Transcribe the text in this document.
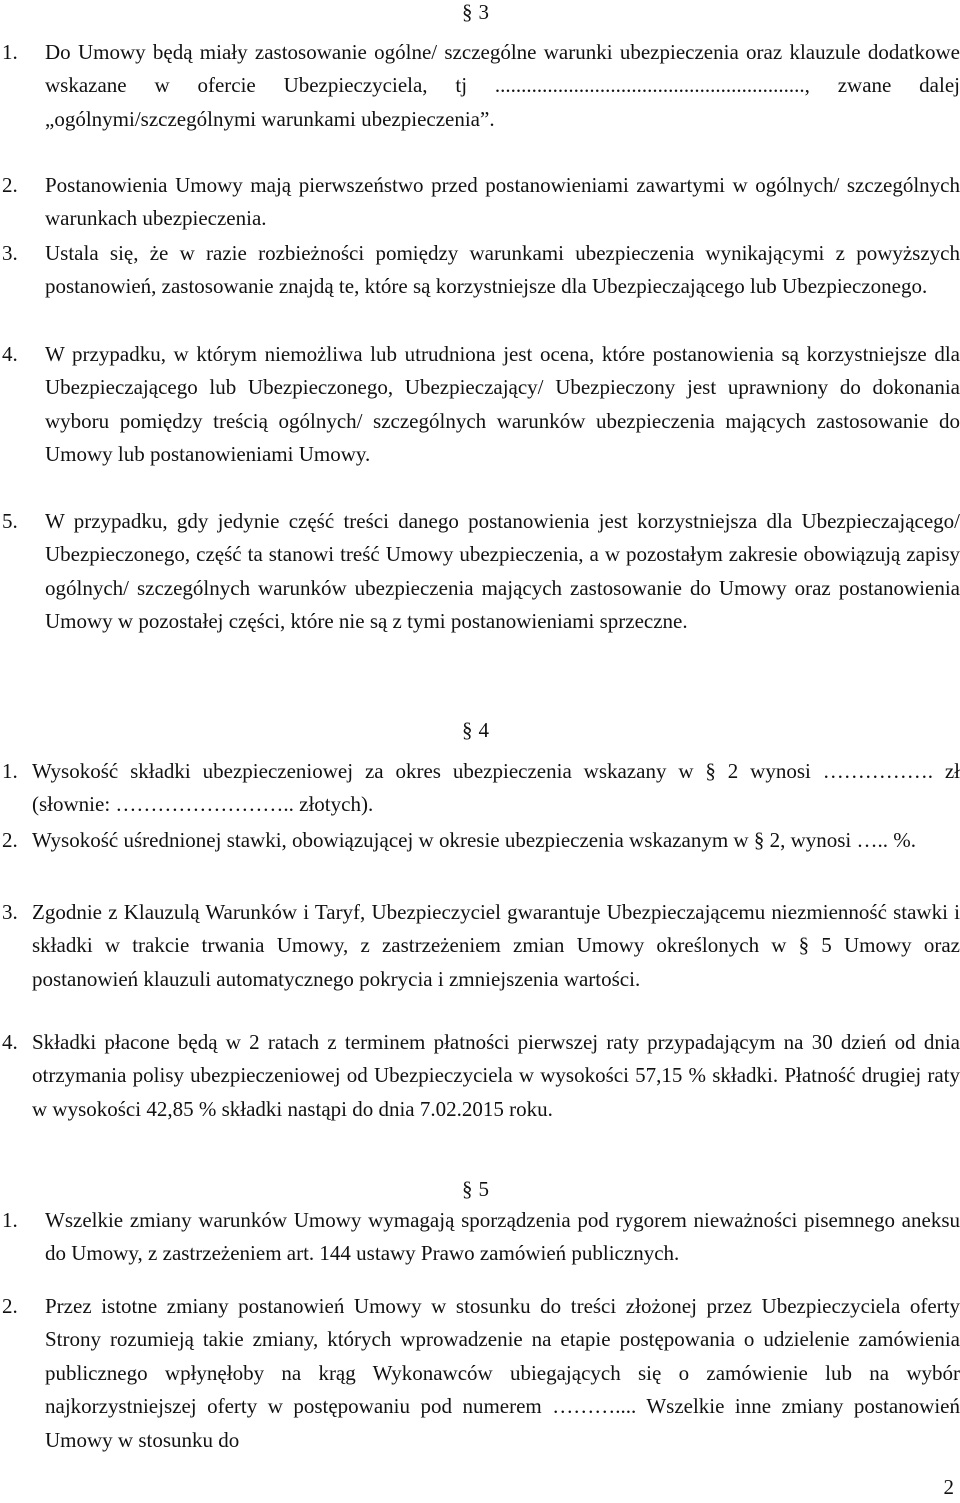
§ 3
1. Do Umowy będą miały zastosowanie ogólne/ szczególne warunki ubezpieczenia oraz klauzule dodatkowe wskazane w ofercie Ubezpieczyciela, tj ..........................................................., zwane dalej „ogólnymi/szczególnymi warunkami ubezpieczenia”.
2. Postanowienia Umowy mają pierwszeństwo przed postanowieniami zawartymi w ogólnych/ szczególnych warunkach ubezpieczenia.
3. Ustala się, że w razie rozbieżności pomiędzy warunkami ubezpieczenia wynikającymi z powyższych postanowień, zastosowanie znajdą te, które są korzystniejsze dla Ubezpieczającego lub Ubezpieczonego.
4. W przypadku, w którym niemożliwa lub utrudniona jest ocena, które postanowienia są korzystniejsze dla Ubezpieczającego lub Ubezpieczonego, Ubezpieczający/ Ubezpieczony jest uprawniony do dokonania wyboru pomiędzy treścią ogólnych/ szczególnych warunków ubezpieczenia mających zastosowanie do Umowy lub postanowieniami Umowy.
5. W przypadku, gdy jedynie część treści danego postanowienia jest korzystniejsza dla Ubezpieczającego/ Ubezpieczonego, część ta stanowi treść Umowy ubezpieczenia, a w pozostałym zakresie obowiązują zapisy ogólnych/ szczególnych warunków ubezpieczenia mających zastosowanie do Umowy oraz postanowienia Umowy w pozostałej części, które nie są z tymi postanowieniami sprzeczne.
§ 4
1. Wysokość składki ubezpieczeniowej za okres ubezpieczenia wskazany w § 2 wynosi ……………. zł (słownie: …………………….. złotych).
2. Wysokość uśrednionej stawki, obowiązującej w okresie ubezpieczenia wskazanym w § 2, wynosi ….. %.
3. Zgodnie z Klauzulą Warunków i Taryf, Ubezpieczyciel gwarantuje Ubezpieczającemu niezmienność stawki i składki w trakcie trwania Umowy, z zastrzeżeniem zmian Umowy określonych w § 5 Umowy oraz postanowień klauzuli automatycznego pokrycia i zmniejszenia wartości.
4. Składki płacone będą w 2 ratach z terminem płatności pierwszej raty przypadającym na 30 dzień od dnia otrzymania polisy ubezpieczeniowej od Ubezpieczyciela w wysokości 57,15 % składki. Płatność drugiej raty w wysokości 42,85 % składki nastąpi do dnia 7.02.2015 roku.
§ 5
1. Wszelkie zmiany warunków Umowy wymagają sporządzenia pod rygorem nieważności pisemnego aneksu do Umowy, z zastrzeżeniem art. 144 ustawy Prawo zamówień publicznych.
2. Przez istotne zmiany postanowień Umowy w stosunku do treści złożonej przez Ubezpieczyciela oferty Strony rozumieją takie zmiany, których wprowadzenie na etapie postępowania o udzielenie zamówienia publicznego wpłynęłoby na krąg Wykonawców ubiegających się o zamówienie lub na wybór najkorzystniejszej oferty w postępowaniu pod numerem ……….... Wszelkie inne zmiany postanowień Umowy w stosunku do
2
